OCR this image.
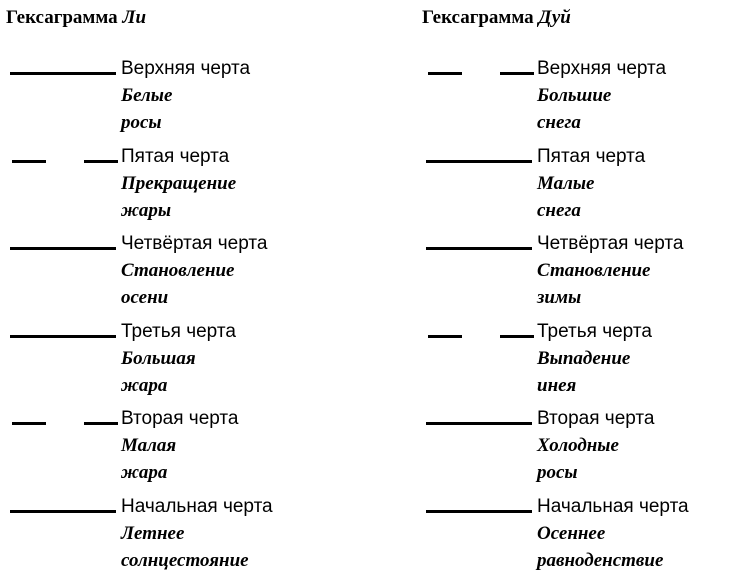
Гексаграмма Ли
Верхняя черта
Белые
росы
Пятая черта
Прекращение
жары
Четвёртая черта
Становление
осени
Третья черта
Большая
жара
Вторая черта
Малая
жара
Начальная черта
Летнее
солнцестояние
Гексаграмма Дуй
Верхняя черта
Большие
снега
Пятая черта
Малые
снега
Четвёртая черта
Становление
зимы
Третья черта
Выпадение
инея
Вторая черта
Холодные
росы
Начальная черта
Осеннее
равноденствие
